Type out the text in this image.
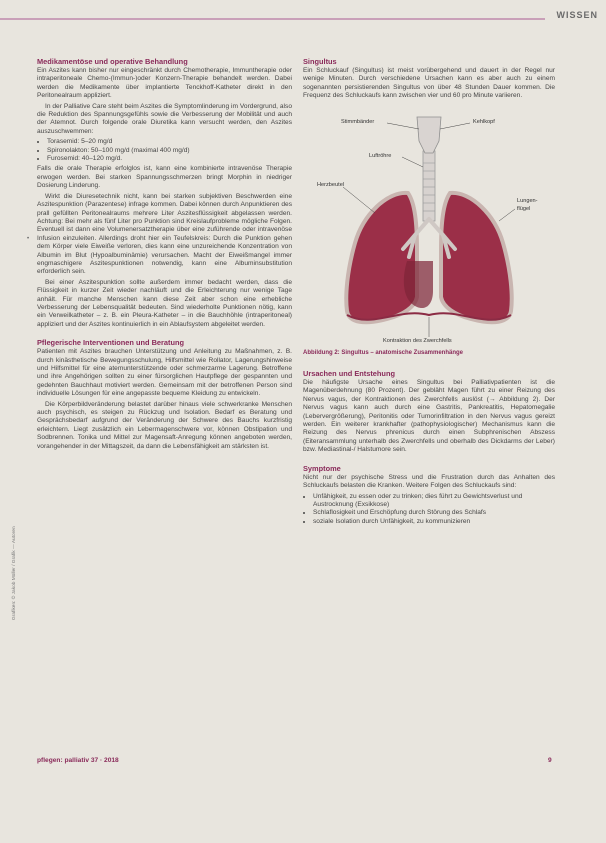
WISSEN
•
Medikamentöse und operative Behandlung

Ein Aszites kann bisher nur eingeschränkt durch Chemotherapie, Immuntherapie oder intraperitoneale Chemo-(Immun-)oder Konzern-Therapie behandelt werden. Dabei werden die Medikamente über implantierte Tenckhoff-Katheter direkt in den Peritonealraum appliziert.

In der Palliative Care steht beim Aszites die Symptomlinderung im Vordergrund, also die Reduktion des Spannungsgefühls sowie die Verbesserung der Mobilität und auch der Atemnot. Durch folgende orale Diuretika kann versucht werden, den Aszites auszuschwemmen:

• Torasemid: 5–20 mg/d
• Spironolakton: 50–100 mg/d (maximal 400 mg/d)
• Furosemid: 40–120 mg/d.

Falls die orale Therapie erfolglos ist, kann eine kombinierte intravenöse Therapie erwogen werden. Bei starken Spannungsschmerzen bringt Morphin in niedriger Dosierung Linderung.

Wirkt die Diuresetechnik nicht, kann bei starken subjektiven Beschwerden eine Aszitespunktion (Parazentese) infrage kommen. Dabei können durch Anpunktieren des prall gefüllten Peritonealraums mehrere Liter Aszitesflüssigkeit abgelassen werden. Achtung: Bei mehr als fünf Liter pro Punktion sind Kreislaufprobleme mögliche Folgen. Eventuell ist dann eine Volumenersatztherapie über eine zuführende oder intravenöse Infusion einzuleiten. Allerdings droht hier ein Teufelskreis: Durch die Punktion gehen dem Körper viele Eiweiße verloren, dies kann eine unzureichende Konzentration von Albumin im Blut (Hypoalbuminämie) verursachen. Macht der Eiweißmangel immer engmaschigere Aszitespunktionen notwendig, kann eine Albuminsubstitution erforderlich sein.

Bei einer Aszitespunktion sollte außerdem immer bedacht werden, dass die Flüssigkeit in kurzer Zeit wieder nachläuft und die Erleichterung nur wenige Tage anhält. Für manche Menschen kann diese Zeit aber schon eine erhebliche Verbesserung der Lebensqualität bedeuten. Sind wiederholte Punktionen nötig, kann ein Verweilkatheter – z. B. ein Pleura-Katheter – in die Bauchhöhle (intraperitoneal) appliziert und der Aszites kontinuierlich in ein Ablaufsystem abgeleitet werden.

Pflegerische Interventionen und Beratung

Patienten mit Aszites brauchen Unterstützung und Anleitung zu Maßnahmen, z. B. durch kinästhetische Bewegungsschulung, Hilfsmittel wie Rollator, Lagerungshinweise und Hilfsmittel für eine atemunterstützende oder schmerzarme Lagerung. Betroffene und ihre Angehörigen sollten zu einer fürsorglichen Hautpflege der gespannten und gedehnten Bauchhaut motiviert werden. Gemeinsam mit der betroffenen Person sind individuelle Lösungen für eine angepasste bequeme Kleidung zu entwickeln.

Die Körperbildveränderung belastet darüber hinaus viele schwerkranke Menschen auch psychisch, es steigen zu Rückzug und Isolation. Bedarf es Beratung und Gesprächsbedarf aufgrund der Veränderung der Schwere des Bauchs kurzfristig erleichtern. Liegt zusätzlich ein Lebermagenschwere vor, können Obstipation und Sodbrennen. Tonika und Mittel zur Magensaft-Anregung können angeboten werden, vorangehender in der Mittagszeit, da dann die Lebensfähigkeit am stärksten ist.

Singultus

Ein Schluckauf (Singultus) ist meist vorübergehend und dauert in der Regel nur wenige Minuten. Durch verschiedene Ursachen kann es aber auch zu einem sogenannten persistierenden Singultus von über 48 Stunden Dauer kommen. Die Frequenz des Schluckaufs kann zwischen vier und 60 pro Minute variieren.

Stimmbänder	Kehlkopf
Luftröhre
Herzbeutel
Lungen-
flügel
Kontraktion des Zwerchfells
Abbildung 2: Singultus – anatomische Zusammenhänge
Ursachen und Entstehung

Die häufigste Ursache eines Singultus bei Palliativpatienten ist die Magenüberdehnung (80 Prozent). Der gebläht Magen führt zu einer Reizung des Nervus vagus, der Kontraktionen des Zwerchfells auslöst (→ Abbildung 2). Der Nervus vagus kann auch durch eine Gastritis, Pankreatitis, Hepatomegalie (Lebervergrößerung), Peritonitis oder Tumorinfiltration in den Nervus vagus gereizt werden. Ein weiterer krankhafter (pathophysiologischer) Mechanismus kann die Reizung des Nervus phrenicus durch einen Subphrenischen Abszess (Eiteransammlung unterhalb des Zwerchfells und oberhalb des Dickdarms der Leber) bzw. Mediastinal-/ Halstumore sein.

Symptome

Nicht nur der psychische Stress und die Frustration durch das Anhalten des Schluckaufs belasten die Kranken. Weitere Folgen des Schluckaufs sind:

• Unfähigkeit, zu essen oder zu trinken; dies führt zu Gewichtsverlust und Austrocknung (Exsikkose)
• Schlaflosigkeit und Erschöpfung durch Störung des Schlafs
• soziale Isolation durch Unfähigkeit, zu kommunizieren
Grafiken: © Jakob Müller / Grafik — Autoren
pflegen: palliativ 37 · 2018	9
